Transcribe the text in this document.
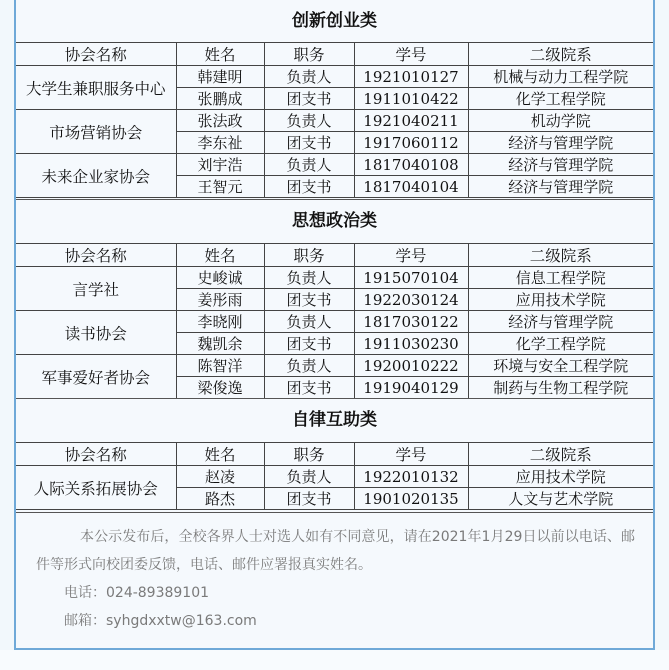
创新创业类
协会名称	姓名	职务	学号	二级院系
大学生兼职服务中心	韩建明	负责人	1921010127	机械与动力工程学院
	张鹏成	团支书	1911010422	化学工程学院
市场营销协会	张法政	负责人	1921040211	机动学院
	李东祉	团支书	1917060112	经济与管理学院
未来企业家协会	刘宇浩	负责人	1817040108	经济与管理学院
	王智元	团支书	1817040104	经济与管理学院
思想政治类
协会名称	姓名	职务	学号	二级院系
言学社	史峻诚	负责人	1915070104	信息工程学院
	姜彤雨	团支书	1922030124	应用技术学院
读书协会	李晓刚	负责人	1817030122	经济与管理学院
	魏凯余	团支书	1911030230	化学工程学院
军事爱好者协会	陈智洋	负责人	1920010222	环境与安全工程学院
	梁俊逸	团支书	1919040129	制药与生物工程学院
自律互助类
协会名称	姓名	职务	学号	二级院系
人际关系拓展协会	赵凌	负责人	1922010132	应用技术学院
	路杰	团支书	1901020135	人文与艺术学院

本公示发布后，全校各界人士对选人如有不同意见，请在2021年1月29日以前以电话、邮件等形式向校团委反馈，电话、邮件应署报真实姓名。

电话：024-89389101

邮箱：syhgdxxtw@163.com
